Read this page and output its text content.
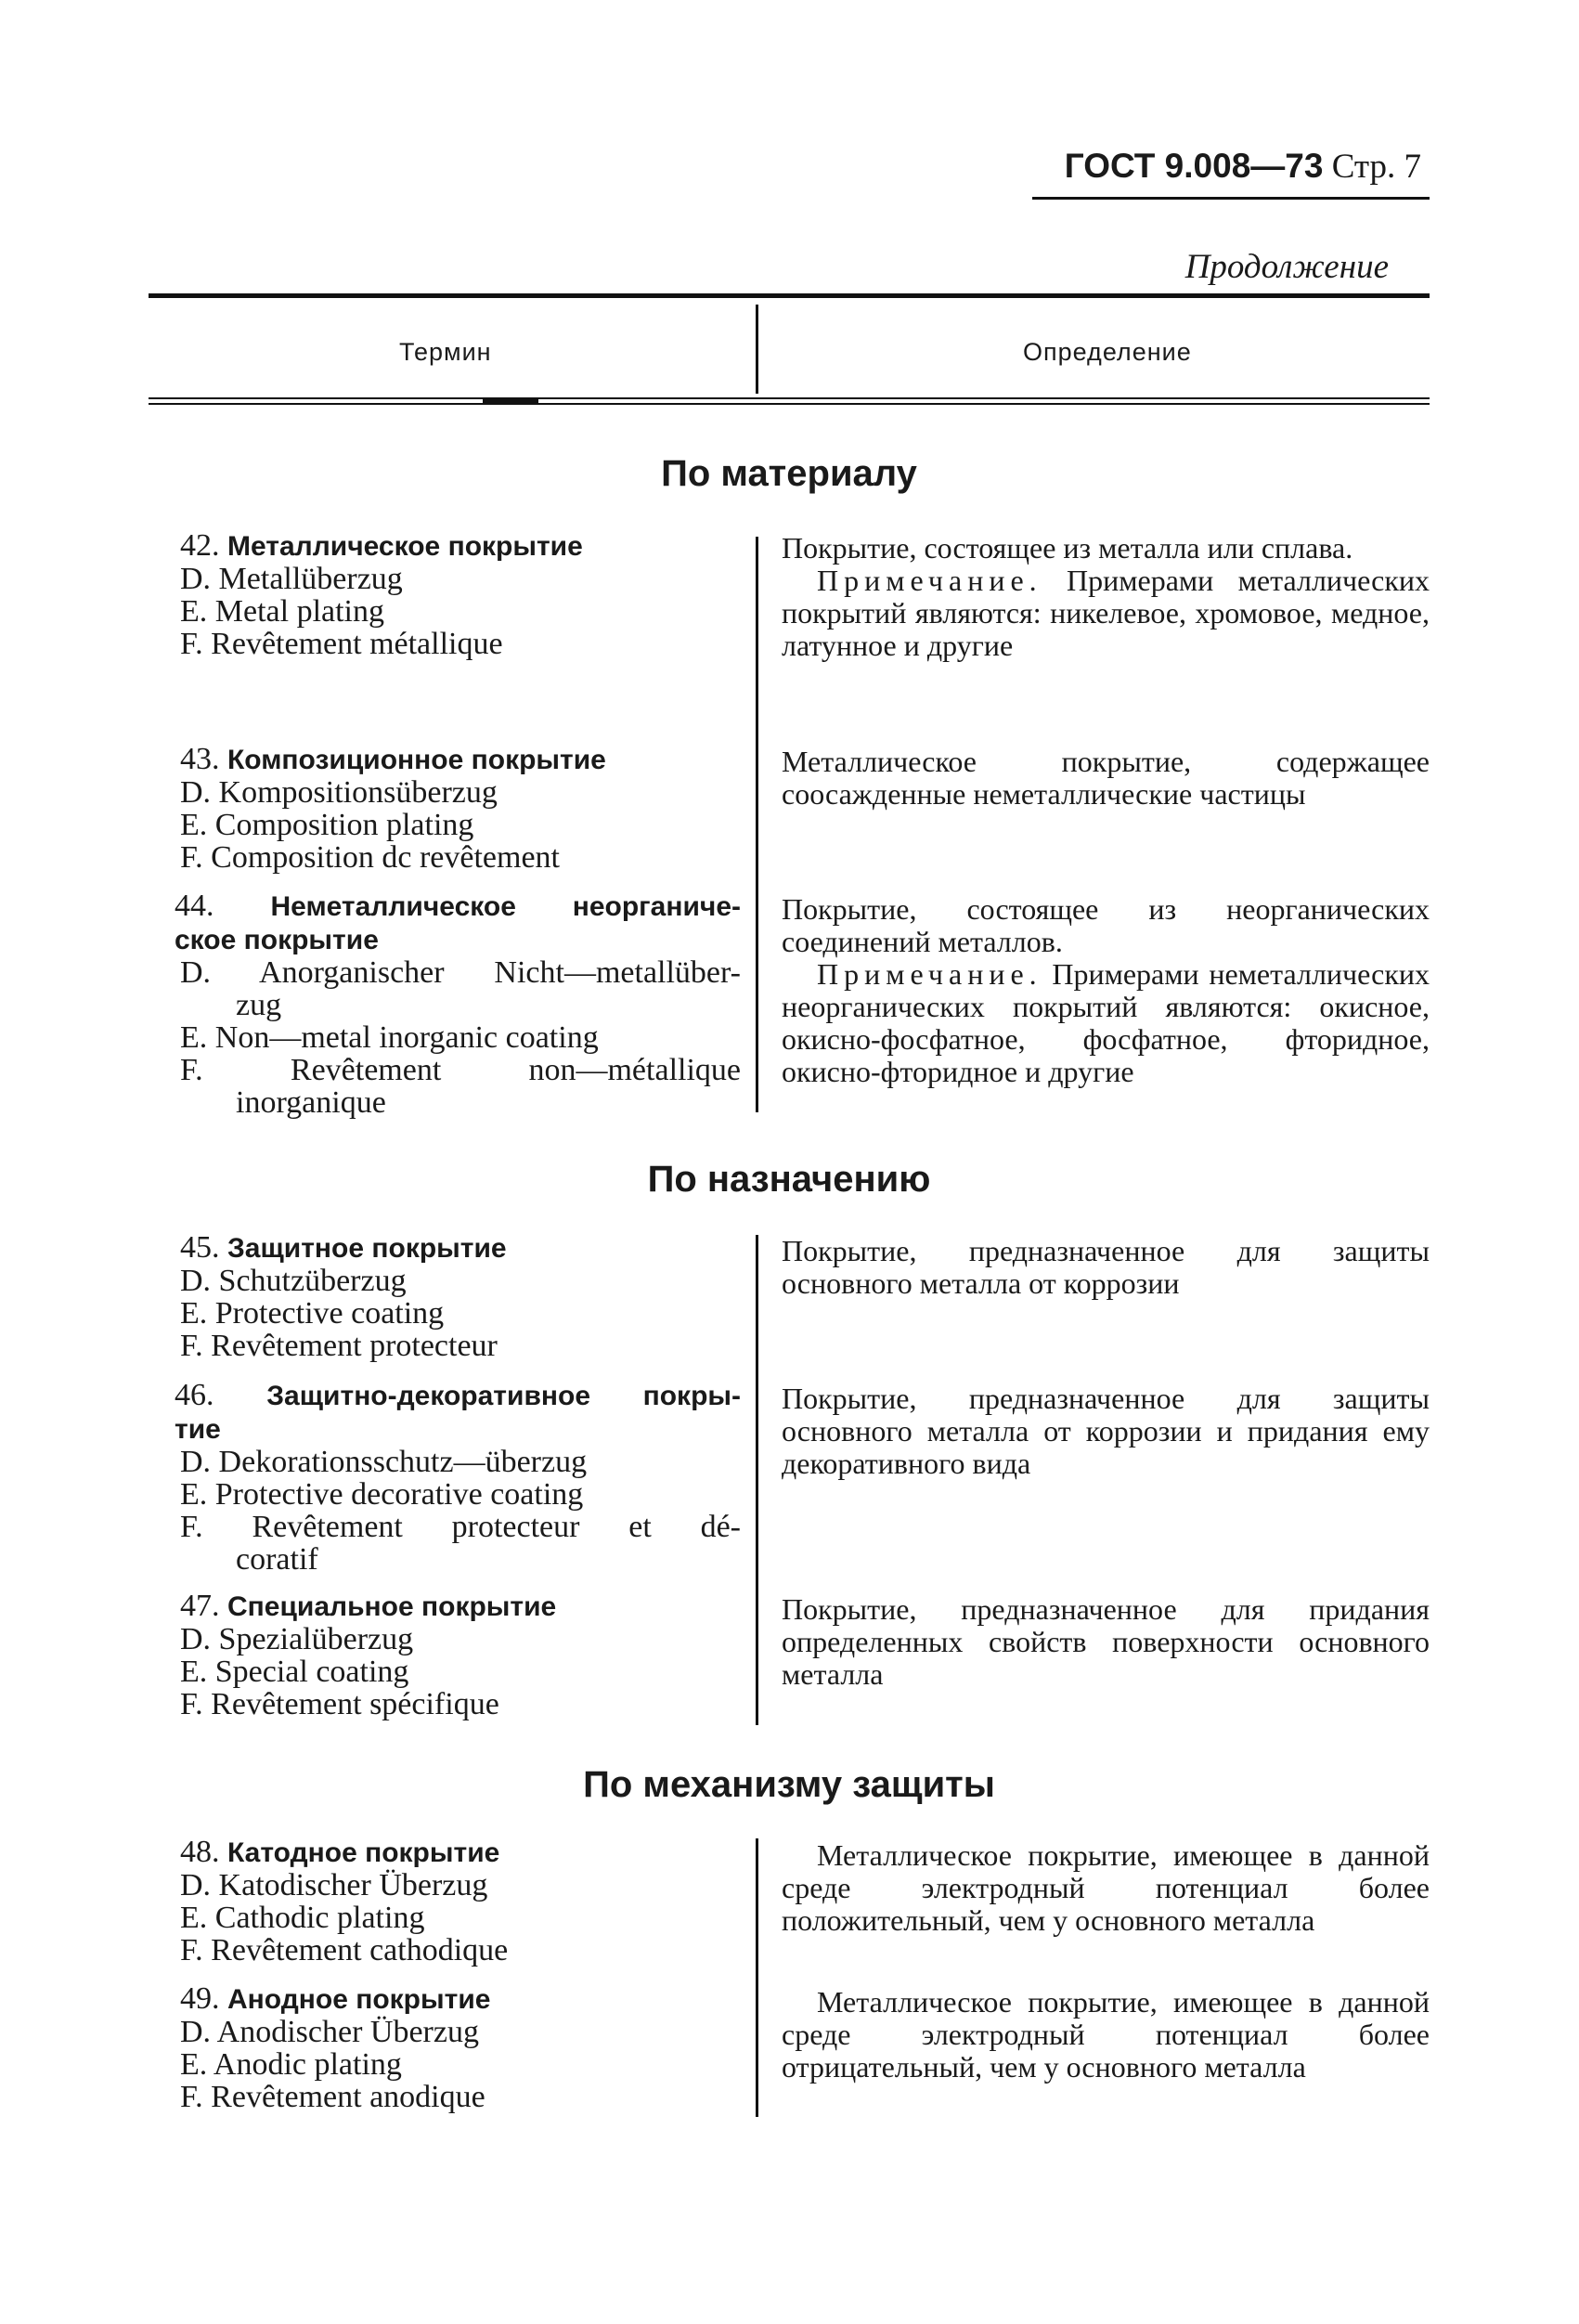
ГОСТ 9.008—73 Стр. 7
Продолжение
Термин	Определение
По материалу
42. Металлическое покрытие
D. Metallüberzug
E. Metal plating
F. Revêtement métallique

Покрытие, состоящее из металла или сплава.

Примечание. Примерами металлических покрытий являются: никелевое, хромовое, медное, латунное и другие

43. Композиционное покрытие
D. Kompositionsüberzug
E. Composition plating
F. Composition dc revêtement

Металлическое покрытие, содержащее соосажденные неметаллические частицы

44. Неметаллическое неорганиче-
ское покрытие
D. Anorganischer Nicht—metallüber-
zug
E. Non—metal inorganic coating
F. Revêtement non—métallique
inorganique

Покрытие, состоящее из неорганических соединений металлов.

Примечание. Примерами неметаллических неорганических покрытий являются: окисное, окисно-фосфатное, фосфатное, фторидное, окисно-фторидное и другие

По назначению
45. Защитное покрытие
D. Schutzüberzug
E. Protective coating
F. Revêtement protecteur

Покрытие, предназначенное для защиты основного металла от коррозии

46. Защитно-декоративное покры-
тие
D. Dekorationsschutz—überzug
E. Protective decorative coating
F. Revêtement protecteur et dé-
coratif

Покрытие, предназначенное для защиты основного металла от коррозии и придания ему декоративного вида

47. Специальное покрытие
D. Spezialüberzug
E. Special coating
F. Revêtement spécifique

Покрытие, предназначенное для придания определенных свойств поверхности основного металла

По механизму защиты
48. Катодное покрытие
D. Katodischer Überzug
E. Cathodic plating
F. Revêtement cathodique

Металлическое покрытие, имеющее в данной среде электродный потенциал более положительный, чем у основного металла

49. Анодное покрытие
D. Anodischer Überzug
E. Anodic plating
F. Revêtement anodique

Металлическое покрытие, имеющее в данной среде электродный потенциал более отрицательный, чем у основного металла
